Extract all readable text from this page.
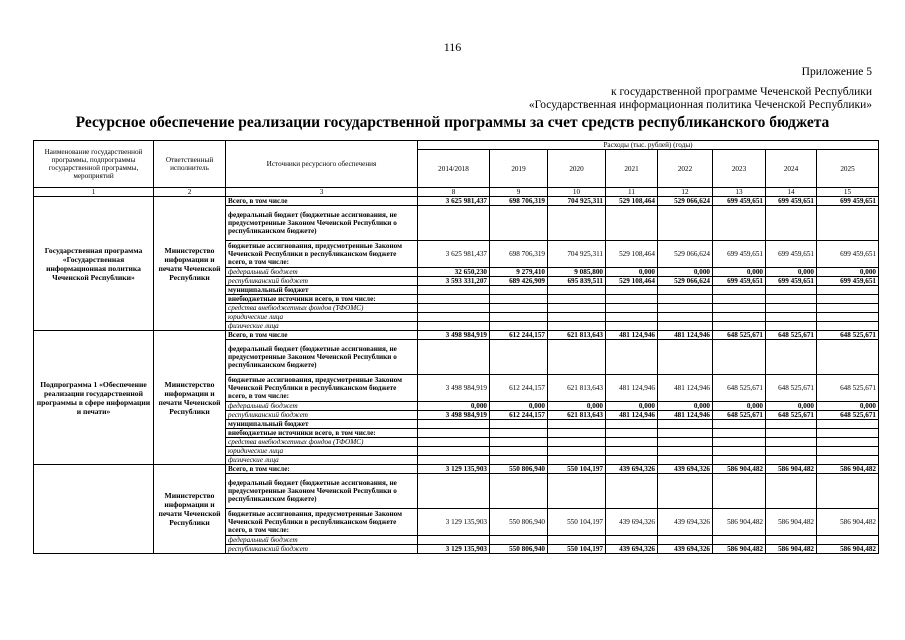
116
Приложение 5
к государственной программе Чеченской Республики
«Государственная информационная политика Чеченской Республики»
Ресурсное обеспечение реализации государственной программы за счет средств республиканского бюджета
Наименование государственной программы, подпрограммы государственной программы, мероприятий	Ответственный исполнитель	Источники ресурсного обеспечения	Расходы (тыс. рублей) (годы)							
			2014/2018	2019	2020	2021	2022	2023	2024	2025
1	2	3	8	9	10	11	12	13	14	15
Государственная программа «Государственная информационная политика Чеченской Республики»	Министерство информации и печати Чеченской Республики	Всего, в том числе	3 625 981,437	698 706,319	704 925,311	529 108,464	529 066,624	699 459,651	699 459,651	699 459,651
		федеральный бюджет (бюджетные ассигнования, не предусмотренные Законом Чеченской Республики о республиканском бюджете)								
		бюджетные ассигнования, предусмотренные Законом Чеченской Республики в республиканском бюджете всего, в том числе:	3 625 981,437	698 706,319	704 925,311	529 108,464	529 066,624	699 459,651	699 459,651	699 459,651
		федеральный бюджет	32 650,230	9 279,410	9 085,800	0,000	0,000	0,000	0,000	0,000
		республиканский бюджет	3 593 331,207	689 426,909	695 839,511	529 108,464	529 066,624	699 459,651	699 459,651	699 459,651
		муниципальный бюджет								
		внебюджетные источники всего, в том числе:								
		средства внебюджетных фондов (ТФОМС)								
		юридические лица								
		физические лица								
Подпрограмма 1 «Обеспечение реализации государственной программы в сфере информации и печати»	Министерство информации и печати Чеченской Республики	Всего, в том числе	3 498 984,919	612 244,157	621 813,643	481 124,946	481 124,946	648 525,671	648 525,671	648 525,671
		федеральный бюджет (бюджетные ассигнования, не предусмотренные Законом Чеченской Республики о республиканском бюджете)								
		бюджетные ассигнования, предусмотренные Законом Чеченской Республики в республиканском бюджете всего, в том числе:	3 498 984,919	612 244,157	621 813,643	481 124,946	481 124,946	648 525,671	648 525,671	648 525,671
		федеральный бюджет	0,000	0,000	0,000	0,000	0,000	0,000	0,000	0,000
		республиканский бюджет	3 498 984,919	612 244,157	621 813,643	481 124,946	481 124,946	648 525,671	648 525,671	648 525,671
		муниципальный бюджет								
		внебюджетные источники всего, в том числе:								
		средства внебюджетных фондов (ТФОМС)								
		юридические лица								
		физические лица								
	Министерство информации и печати Чеченской Республики	Всего, в том числе:	3 129 135,903	550 806,940	550 104,197	439 694,326	439 694,326	586 904,482	586 904,482	586 904,482
		федеральный бюджет (бюджетные ассигнования, не предусмотренные Законом Чеченской Республики о республиканском бюджете)								
		бюджетные ассигнования, предусмотренные Законом Чеченской Республики в республиканском бюджете всего, в том числе:	3 129 135,903	550 806,940	550 104,197	439 694,326	439 694,326	586 904,482	586 904,482	586 904,482
		федеральный бюджет								
		республиканский бюджет	3 129 135,903	550 806,940	550 104,197	439 694,326	439 694,326	586 904,482	586 904,482	586 904,482
